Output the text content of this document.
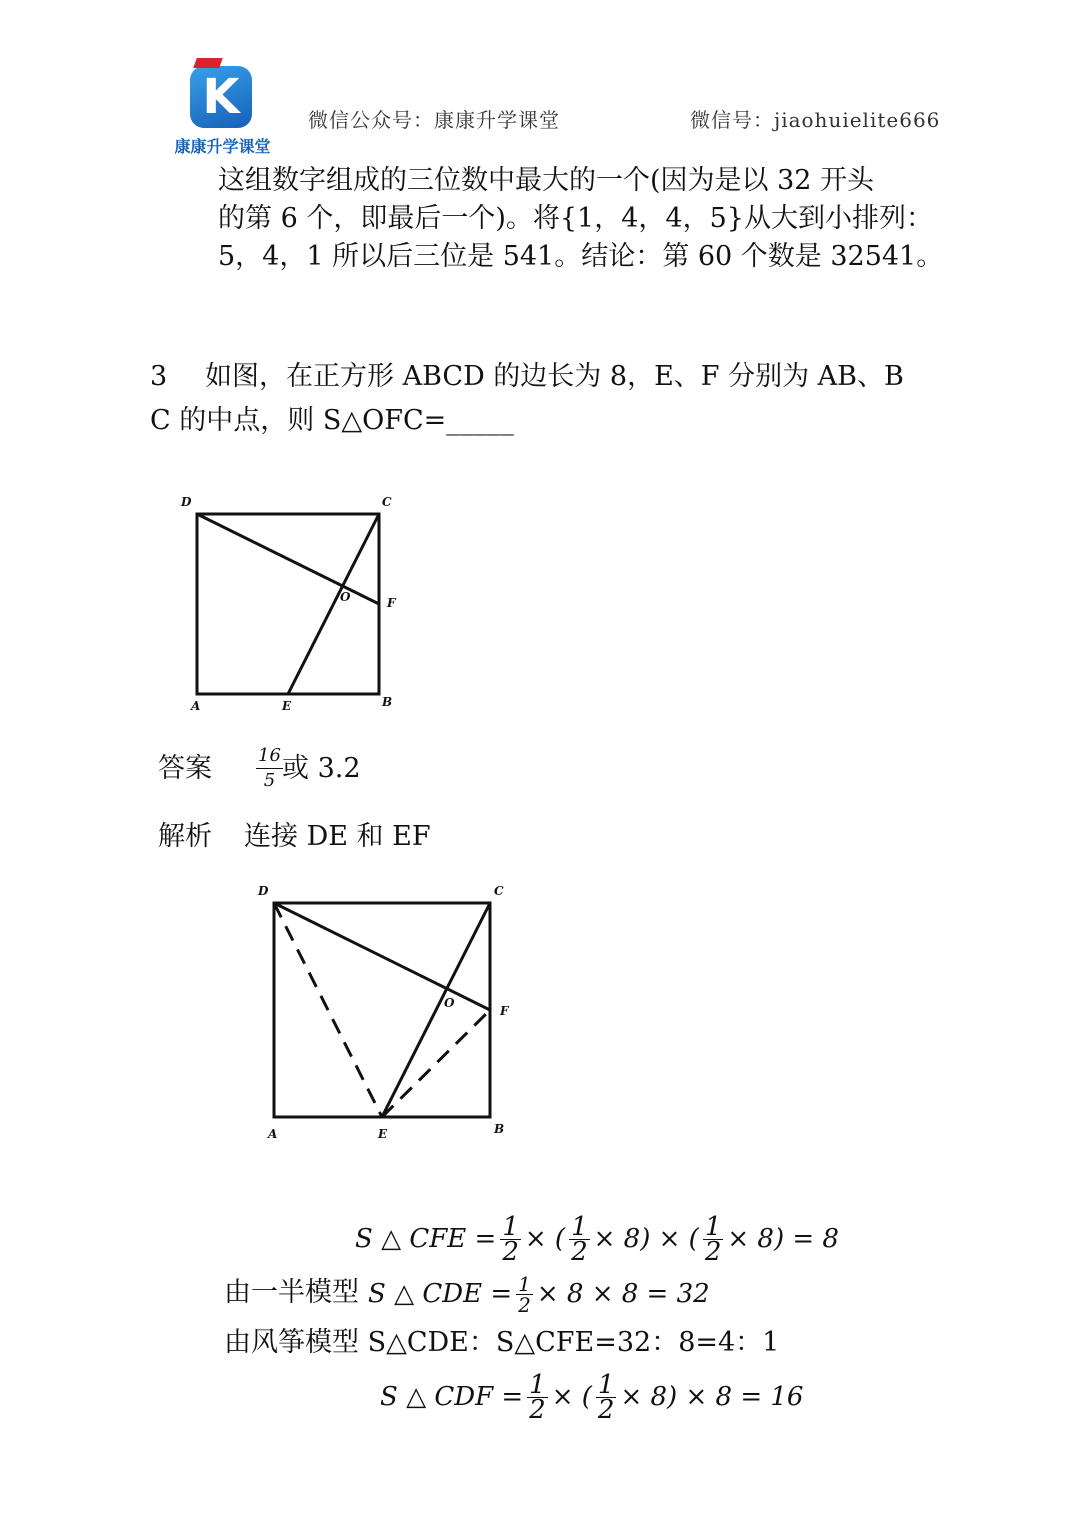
K
康康升学课堂
微信公众号：康康升学课堂	微信号：jiaohuielite666
这组数字组成的三位数中最大的一个(因为是以 32 开头
的第 6 个，即最后一个)。将{1，4，4，5}从大到小排列：
5，4，1 所以后三位是 541。结论：第 60 个数是 32541。
3 如图，在正方形 ABCD 的边长为 8，E、F 分别为 AB、B
C 的中点，则 S△OFC=_____
D	C
F
O
A	E	B
答案 $\frac{16}{5}$ 或 3.2
解析 连接 DE 和 EF
D	C
F
O
A	E	B
S △ CFE = $\frac{1}{2}$ × ( $\frac{1}{2} \times 8$) × ( $\frac{1}{2} \times 8) = 8$
由一半模型 S △ CDE = $\frac{1}{2} \times 8 \times 8 = 32$
由风筝模型 S△CDE：S△CFE=32：8=4：1
S △ CDF = $\frac{1}{2}$ × ( $\frac{1}{2} \times 8) \times 8 = 16$
